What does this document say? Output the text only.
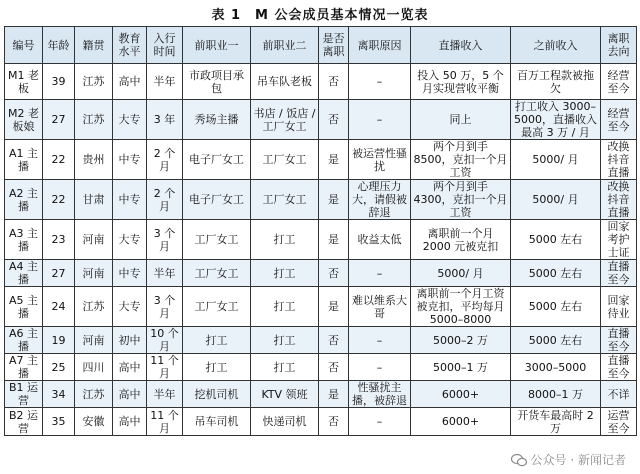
表 1　M 公会成员基本情况一览表
编号	年龄	籍贯	教育水平	入行时间	前职业一	前职业二	是否离职	离职原因	直播收入	之前收入	离职去向
M1 老板	39	江苏	高中	半年	市政项目承包	吊车队老板	否	–	投入 50 万，5 个月实现营收平衡	百万工程款被拖欠	经营至今
M2 老板娘	27	江苏	大专	3 年	秀场主播	书店 / 饭店 / 工厂女工	否	–	同上	打工收入 3000–5000，直播收入最高 3 万 / 月	经营至今
A1 主播	22	贵州	中专	2 个月	电子厂女工	工厂女工	是	被运营性骚扰	两个月到手 8500，克扣一个月工资	5000/ 月	改换抖音直播
A2 主播	22	甘肃	中专	2 个月	电子厂女工	工厂女工	是	心理压力大，请假被辞退	两个月到手 4300，克扣一个月工资	5000/ 月	改换抖音直播
A3 主播	23	河南	大专	3 个月	工厂女工	打工	是	收益太低	离职前一个月 2000 元被克扣	5000 左右	回家考护士证
A4 主播	27	河南	中专	半年	工厂女工	打工	否	–	5000/ 月	5000 左右	直播至今
A5 主播	24	江苏	大专	3 个月	工厂女工	打工	是	难以维系大哥	离职前一个月工资被克扣，平均每月 5000–8000	5000 左右	回家待业
A6 主播	19	河南	初中	10 个月	打工	打工	否	–	5000–2 万	5000 左右	直播至今
A7 主播	25	四川	高中	11 个月	打工	打工	否	–	5000–1 万	3000–5000	直播至今
B1 运营	34	江苏	高中	半年	挖机司机	KTV 领班	是	性骚扰主播，被辞退	6000+	8000–1 万	不详
B2 运营	35	安徽	高中	11 个月	吊车司机	快递司机	否	–	6000+	开货车最高时 2 万	运营至今
公众号 · 新闻记者
